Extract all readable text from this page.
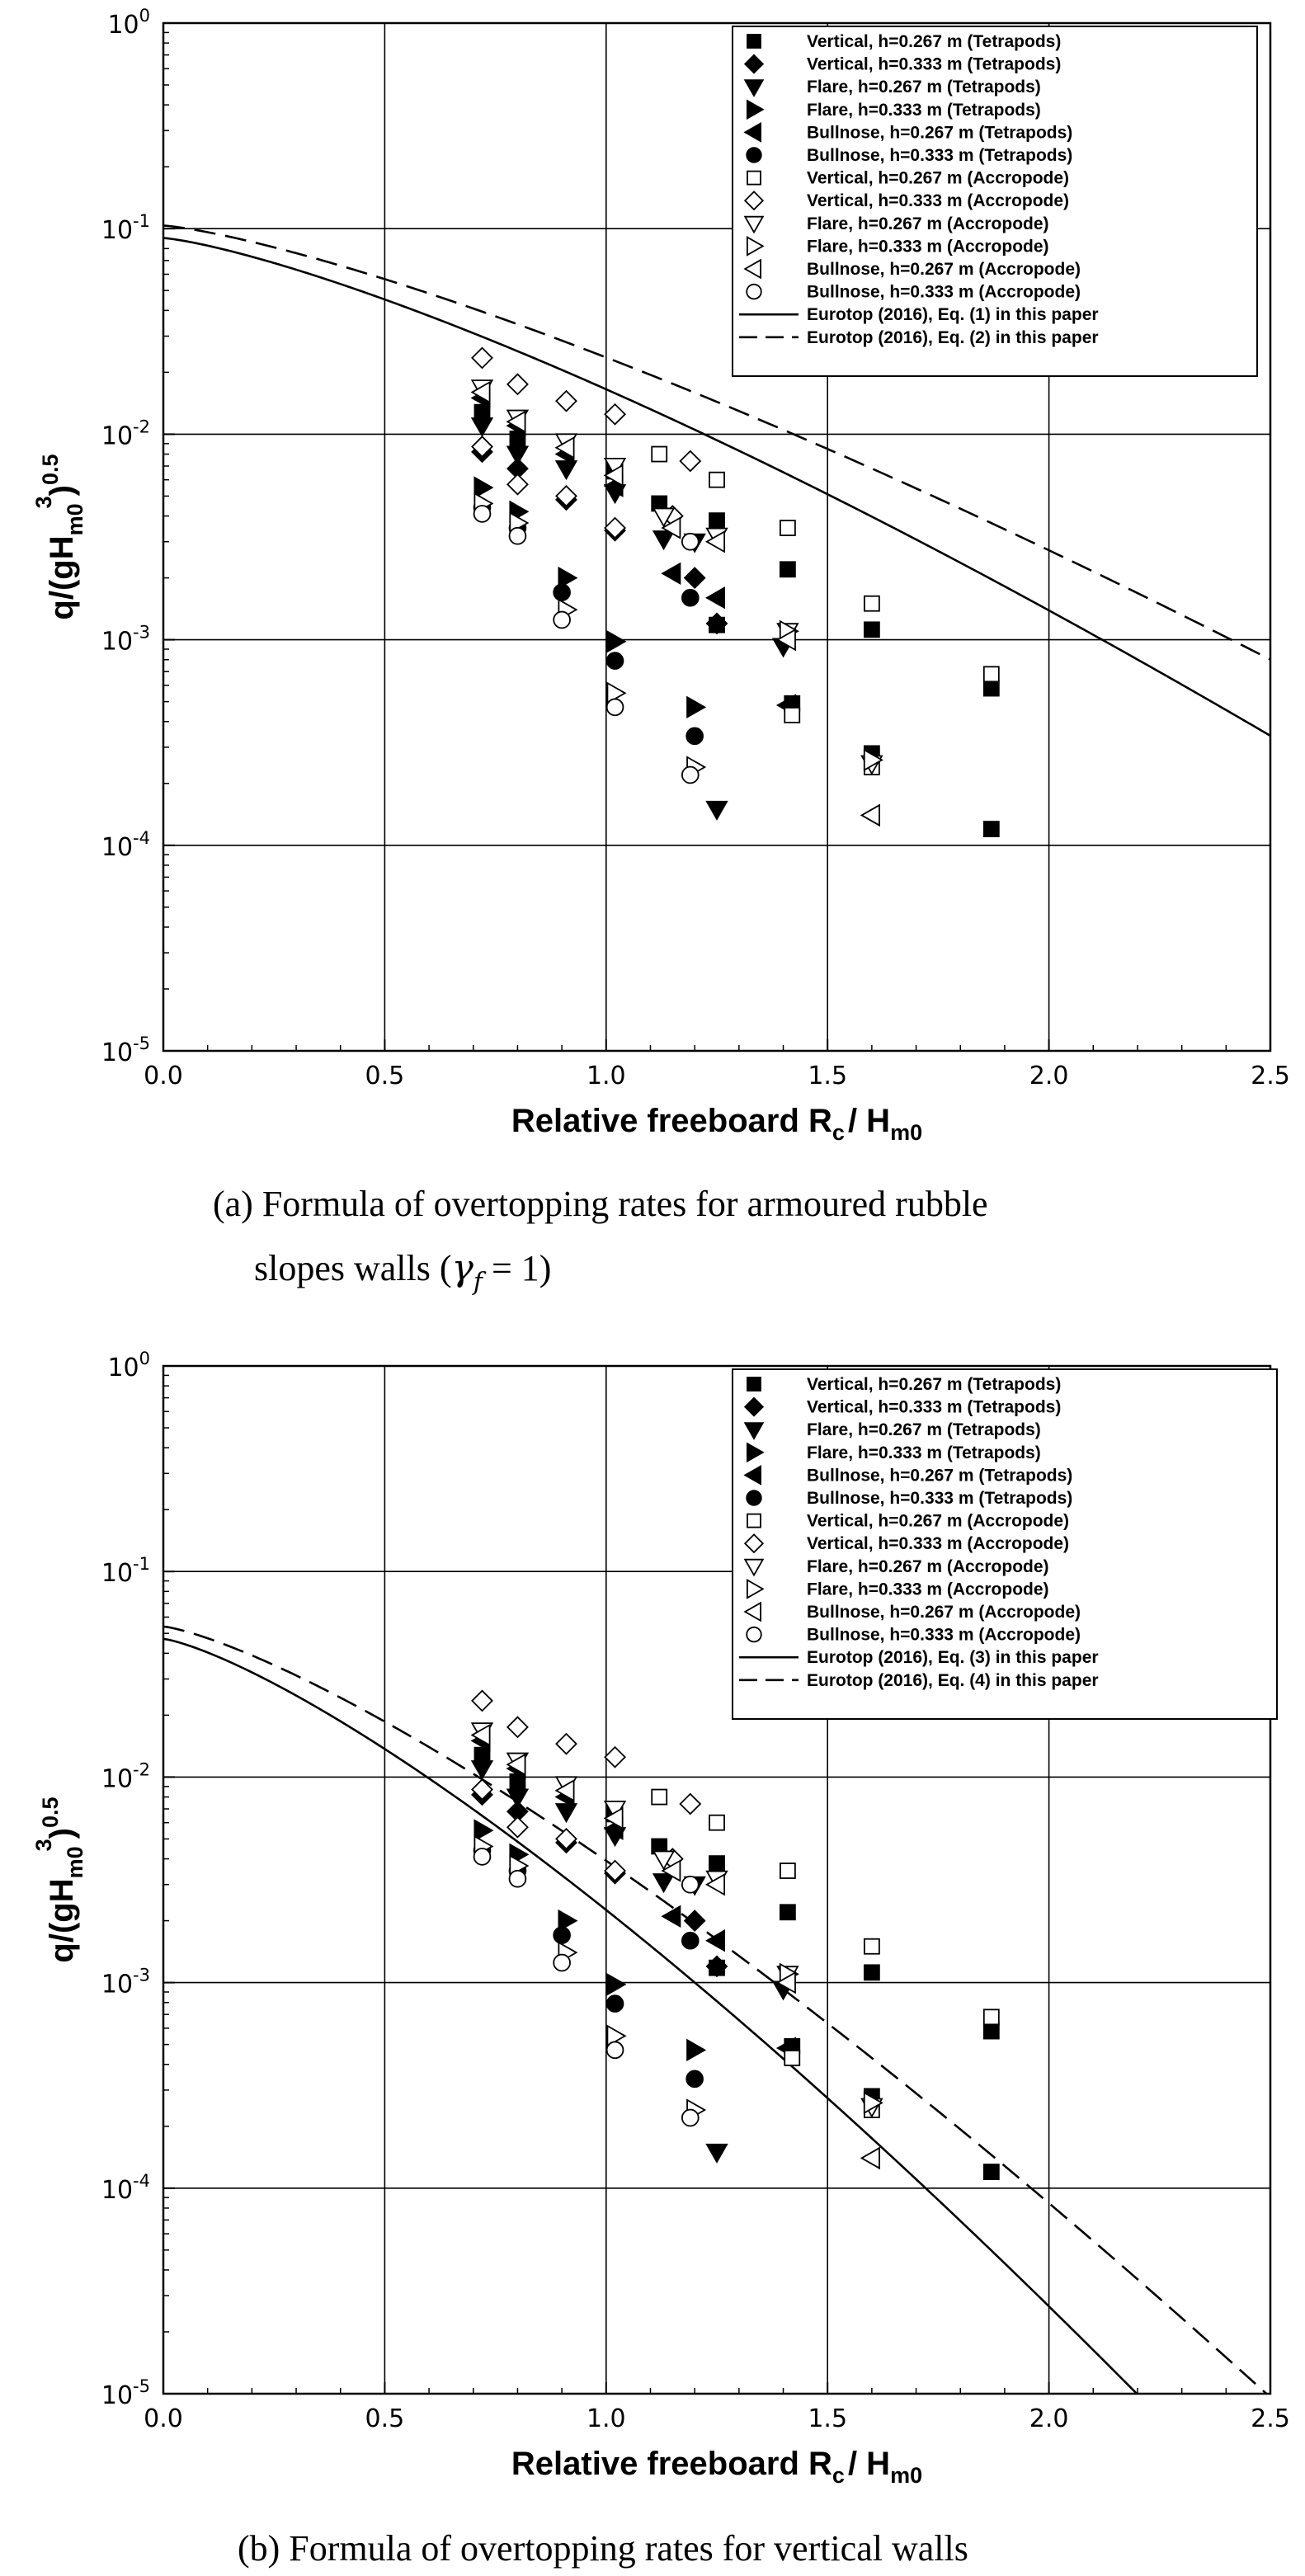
0.0	0.5	1.0	1.5	2.0	2.5
$10^{-5}$
$10^{-4}$
$10^{-3}$
$10^{-2}$
$10^{-1}$
$10^0$
Vertical, h=0.267 m (Tetrapods)
Vertical, h=0.333 m (Tetrapods)
Flare, h=0.267 m (Tetrapods)
Flare, h=0.333 m (Tetrapods)
Bullnose, h=0.267 m (Tetrapods)
Bullnose, h=0.333 m (Tetrapods)
Vertical, h=0.267 m (Accropode)
Vertical, h=0.333 m (Accropode)
Flare, h=0.267 m (Accropode)
Flare, h=0.333 m (Accropode)
Bullnose, h=0.267 m (Accropode)
Bullnose, h=0.333 m (Accropode)
Eurotop (2016), Eq. (1) in this paper
Eurotop (2016), Eq. (2) in this paper
$q/(gH_{m0}3)^{0.5}$
Relative freeboard $R_c / H_{m0}$
(a) Formula of overtopping rates for armoured rubble
slopes walls $(\gamma_f = 1)$
0.0	0.5	1.0	1.5	2.0	2.5
$10^{-5}$
$10^{-4}$
$10^{-3}$
$10^{-2}$
$10^{-1}$
$10^0$
Vertical, h=0.267 m (Tetrapods)
Vertical, h=0.333 m (Tetrapods)
Flare, h=0.267 m (Tetrapods)
Flare, h=0.333 m (Tetrapods)
Bullnose, h=0.267 m (Tetrapods)
Bullnose, h=0.333 m (Tetrapods)
Vertical, h=0.267 m (Accropode)
Vertical, h=0.333 m (Accropode)
Flare, h=0.267 m (Accropode)
Flare, h=0.333 m (Accropode)
Bullnose, h=0.267 m (Accropode)
Bullnose, h=0.333 m (Accropode)
Eurotop (2016), Eq. (3) in this paper
Eurotop (2016), Eq. (4) in this paper
$q/(gH_{m0}3)^{0.5}$
Relative freeboard $R_c / H_{m0}$
(b) Formula of overtopping rates for vertical walls
